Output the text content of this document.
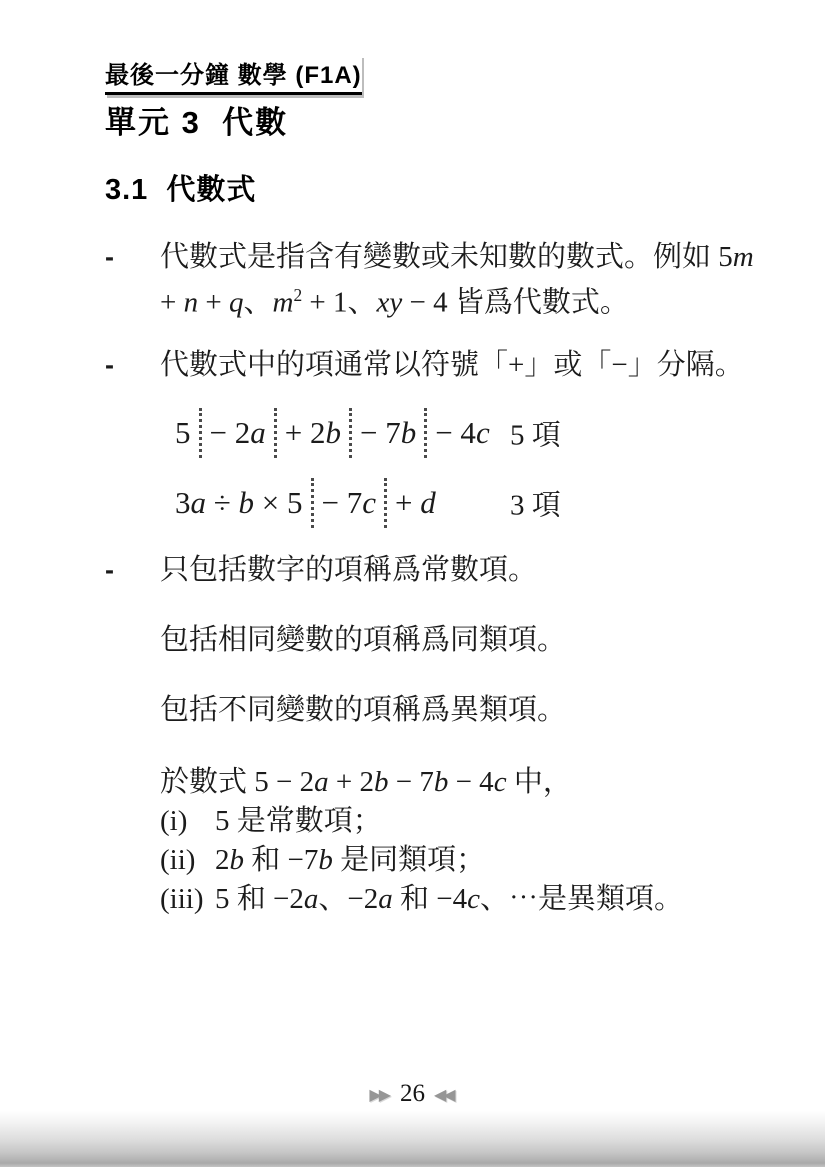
最後一分鐘 數學 (F1A)
單元 3  代數
3.1  代數式
-	代數式是指含有變數或未知數的數式。例如 5m
+ n + q、$m^2 + 1$、xy − 4 皆爲代數式。
-	代數式中的項通常以符號「+」或「−」分隔。
5 − 2a + 2b − 7b − 4c 5 項
3a ÷ b × 5 − 7c + d	3 項
-	只包括數字的項稱爲常數項。
包括相同變數的項稱爲同類項。
包括不同變數的項稱爲異類項。
於數式 5 − 2a + 2b − 7b − 4c 中，
(i) 5 是常數項；
(ii) 2b 和 −7b 是同類項；
(iii) 5 和 −2a、−2a 和 −4c、⋯是異類項。
▶▶ 26 ◀◀
